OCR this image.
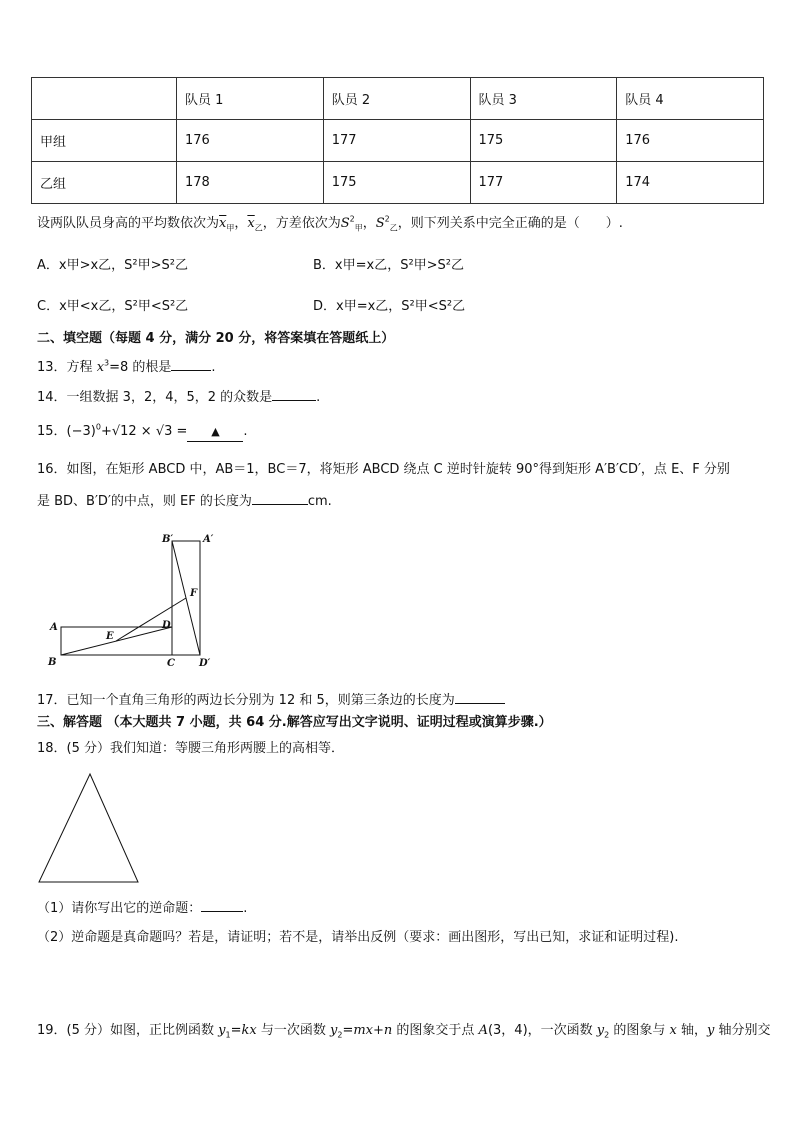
	队员 1	队员 2	队员 3	队员 4
甲组	176	177	175	176
乙组	178	175	177	174
设两队队员身高的平均数依次为$\overline{x}_甲$，$\overline{x}_乙$，方差依次为$S^2_甲$，$S^2_乙$，则下列关系中完全正确的是（　　）.
A．x甲>x乙，S²甲>S²乙	B．x甲=x乙，S²甲>S²乙
C．x甲<x乙，S²甲<S²乙	D．x甲=x乙，S²甲<S²乙
二、填空题（每题 4 分，满分 20 分，将答案填在答题纸上）
13．方程 $x^3=8$ 的根是	.
14．一组数据 3，2，4，5，2 的众数是	.
15．$(-3)^0+√12 \times √3$ = ▲ .
16．如图，在矩形 ABCD 中，AB＝1，BC＝7，将矩形 ABCD 绕点 C 逆时针旋转 90°得到矩形 A′B′CD′，点 E、F 分别
是 BD、B′D′的中点，则 EF 的长度为	cm.
B′	A′
F
A
E
D
B	C D′
17．已知一个直角三角形的两边长分别为 12 和 5，则第三条边的长度为
三、解答题 （本大题共 7 小题，共 64 分.解答应写出文字说明、证明过程或演算步骤.）
18．(5 分）我们知道：等腰三角形两腰上的高相等．
（1）请你写出它的逆命题：	.
（2）逆命题是真命题吗？若是，请证明；若不是，请举出反例（要求：画出图形，写出已知，求证和证明过程).
19．(5 分）如图，正比例函数 $y_1=kx$ 与一次函数 $y_2=mx+n$ 的图象交于点 A(3，4)，一次函数 $y_2$ 的图象与 x 轴，y 轴分别交
